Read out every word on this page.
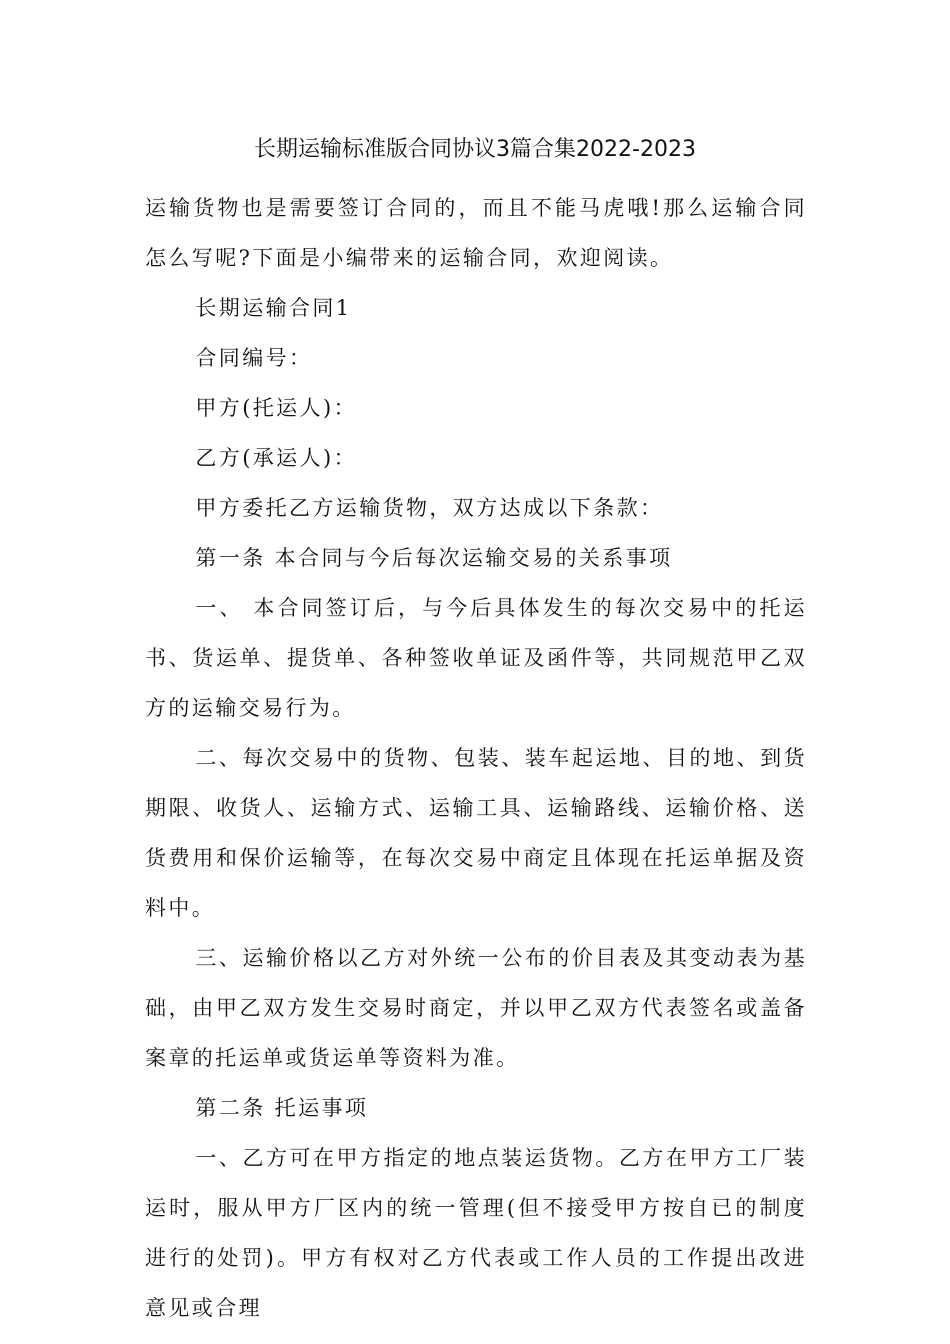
长期运输标准版合同协议3篇合集2022-2023

运输货物也是需要签订合同的，而且不能马虎哦!那么运输合同怎么写呢?下面是小编带来的运输合同，欢迎阅读。

长期运输合同1

合同编号：

甲方(托运人)：

乙方(承运人)：

甲方委托乙方运输货物，双方达成以下条款：

第一条 本合同与今后每次运输交易的关系事项

一、 本合同签订后，与今后具体发生的每次交易中的托运书、货运单、提货单、各种签收单证及函件等，共同规范甲乙双方的运输交易行为。

二、每次交易中的货物、包装、装车起运地、目的地、到货期限、收货人、运输方式、运输工具、运输路线、运输价格、送货费用和保价运输等，在每次交易中商定且体现在托运单据及资料中。

三、运输价格以乙方对外统一公布的价目表及其变动表为基础，由甲乙双方发生交易时商定，并以甲乙双方代表签名或盖备案章的托运单或货运单等资料为准。

第二条 托运事项

一、乙方可在甲方指定的地点装运货物。乙方在甲方工厂装运时，服从甲方厂区内的统一管理(但不接受甲方按自已的制度进行的处罚)。甲方有权对乙方代表或工作人员的工作提出改进意见或合理
